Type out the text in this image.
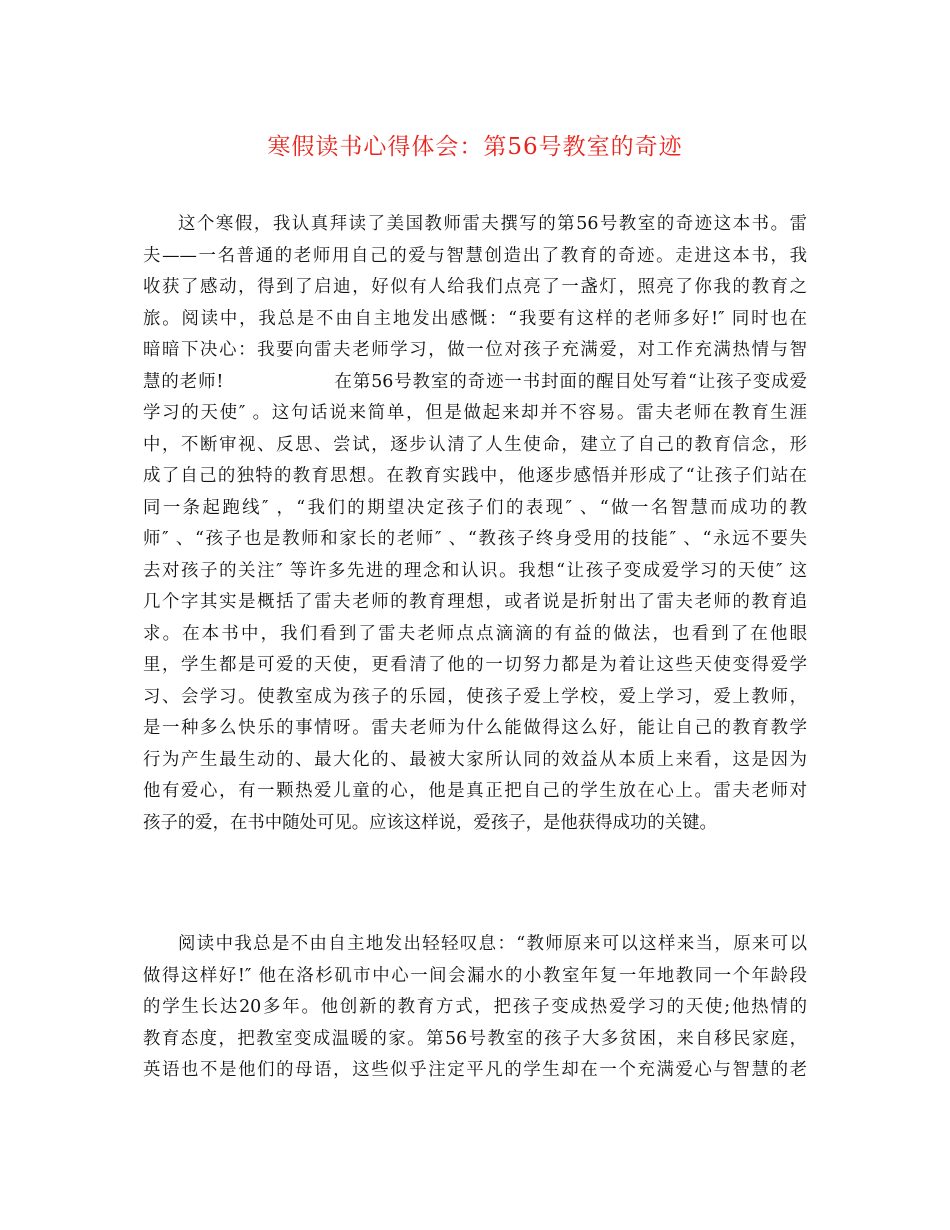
寒假读书心得体会：第56号教室的奇迹
这个寒假，我认真拜读了美国教师雷夫撰写的第56号教室的奇迹这本书。雷
夫——一名普通的老师用自己的爱与智慧创造出了教育的奇迹。走进这本书，我
收获了感动，得到了启迪，好似有人给我们点亮了一盏灯，照亮了你我的教育之
旅。阅读中，我总是不由自主地发出感慨：“我要有这样的老师多好!″ 同时也在
暗暗下决心：我要向雷夫老师学习，做一位对孩子充满爱，对工作充满热情与智
慧的老师!　　　　　　在第56号教室的奇迹一书封面的醒目处写着“让孩子变成爱
学习的天使″ 。这句话说来简单，但是做起来却并不容易。雷夫老师在教育生涯
中，不断审视、反思、尝试，逐步认清了人生使命，建立了自己的教育信念，形
成了自己的独特的教育思想。在教育实践中，他逐步感悟并形成了“让孩子们站在
同一条起跑线″ ，“我们的期望决定孩子们的表现″ 、“做一名智慧而成功的教
师″ 、“孩子也是教师和家长的老师″ 、“教孩子终身受用的技能″ 、“永远不要失
去对孩子的关注″ 等许多先进的理念和认识。我想“让孩子变成爱学习的天使″ 这
几个字其实是概括了雷夫老师的教育理想，或者说是折射出了雷夫老师的教育追
求。在本书中，我们看到了雷夫老师点点滴滴的有益的做法，也看到了在他眼
里，学生都是可爱的天使，更看清了他的一切努力都是为着让这些天使变得爱学
习、会学习。使教室成为孩子的乐园，使孩子爱上学校，爱上学习，爱上教师，
是一种多么快乐的事情呀。雷夫老师为什么能做得这么好，能让自己的教育教学
行为产生最生动的、最大化的、最被大家所认同的效益从本质上来看，这是因为
他有爱心，有一颗热爱儿童的心，他是真正把自己的学生放在心上。雷夫老师对
孩子的爱，在书中随处可见。应该这样说，爱孩子，是他获得成功的关键。
阅读中我总是不由自主地发出轻轻叹息：“教师原来可以这样来当，原来可以
做得这样好!″ 他在洛杉矶市中心一间会漏水的小教室年复一年地教同一个年龄段
的学生长达20多年。他创新的教育方式，把孩子变成热爱学习的天使;他热情的
教育态度，把教室变成温暖的家。第56号教室的孩子大多贫困，来自移民家庭，
英语也不是他们的母语，这些似乎注定平凡的学生却在一个充满爱心与智慧的老
